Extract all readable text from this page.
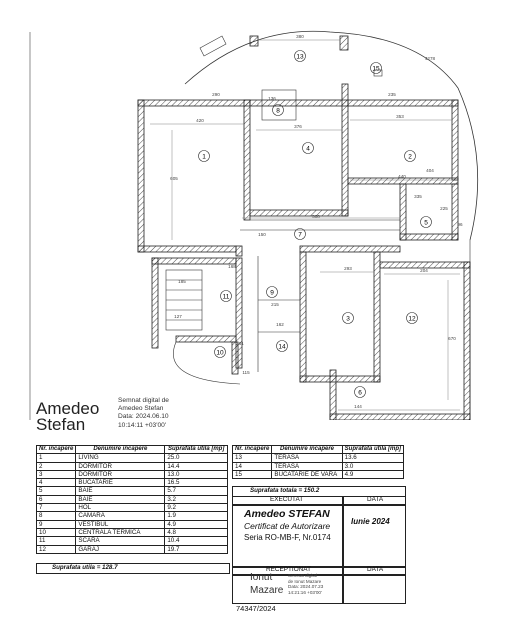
1	2
3
4
5
6
7
8
9
10
11
12
13
14
15
380
290
136
235
420
376
353
440
335
225
500
150
168	293	204
215
162
261
144
670
605
404
4278
115
185
127
96
Amedeo
Stefan
Semnat digital de
Amedeo Stefan
Data: 2024.06.10
10:14:11 +03'00'
Nr. incapere	Denumire incapere	Suprafata utila [mp]
1	LIVING	25.0
2	DORMITOR	14.4
3	DORMITOR	13.0
4	BUCATARIE	16.5
5	BAIE	5.7
6	BAIE	3.2
7	HOL	9.2
8	CAMARA	1.9
9	VESTIBUL	4.9
10	CENTRALA TERMICA	4.8
11	SCARA	10.4
12	GARAJ	19.7
Suprafata utila = 128.7
Nr. incapere	Denumire incapere	Suprafata utila [mp]
13	TERASA	13.6
14	TERASA	3.0
15	BUCATARIE DE VARA	4.9
Suprafata totala = 150.2
EXECUTAT	DATA
Amedeo STEFAN
Certificat de Autorizare
Seria RO-MB-F, Nr.0174
Iunie 2024
RECEPTIONAT	DATA
Ionut
Mazare
Semnat digital
de Ionut Mazare
Data: 2024.07.23
14:21:16 +03'00'
74347/2024
